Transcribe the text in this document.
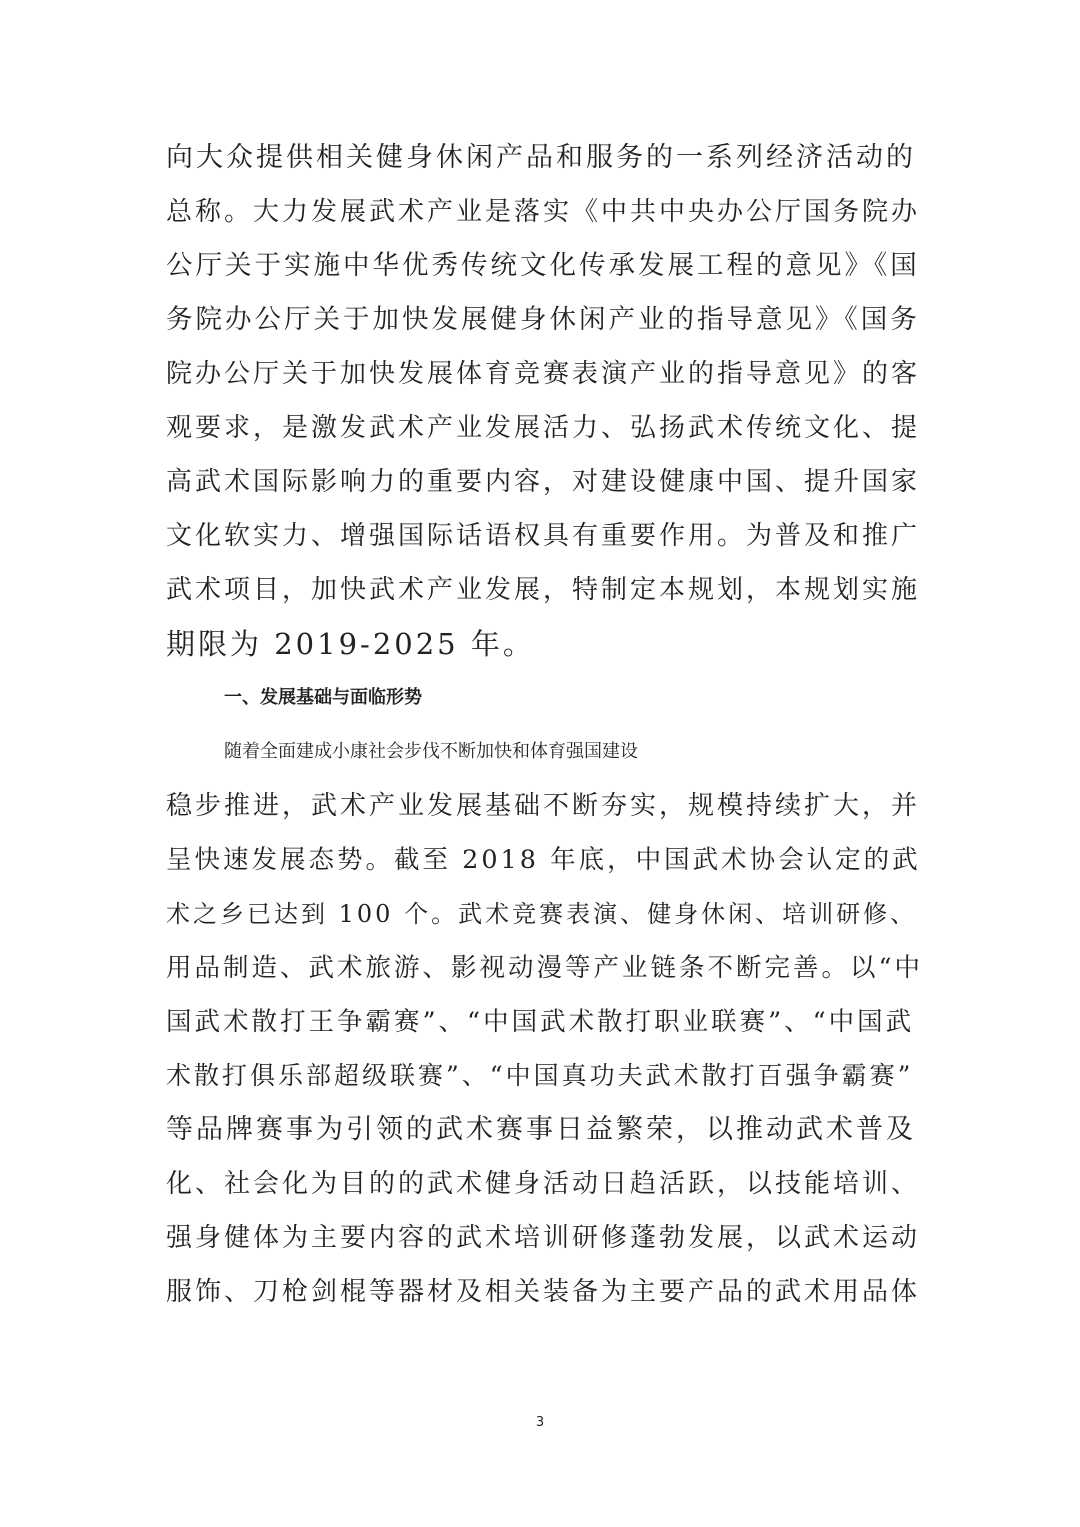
向大众提供相关健身休闲产品和服务的一系列经济活动的
总称。大力发展武术产业是落实《中共中央办公厅国务院办
公厅关于实施中华优秀传统文化传承发展工程的意见》《国
务院办公厅关于加快发展健身休闲产业的指导意见》《国务
院办公厅关于加快发展体育竞赛表演产业的指导意见》的客
观要求，是激发武术产业发展活力、弘扬武术传统文化、提
高武术国际影响力的重要内容，对建设健康中国、提升国家
文化软实力、增强国际话语权具有重要作用。为普及和推广
武术项目，加快武术产业发展，特制定本规划，本规划实施
期限为 2019-2025 年。
一、发展基础与面临形势
随着全面建成小康社会步伐不断加快和体育强国建设
稳步推进，武术产业发展基础不断夯实，规模持续扩大，并
呈快速发展态势。截至 2018 年底，中国武术协会认定的武
术之乡已达到 100 个。武术竞赛表演、健身休闲、培训研修、
用品制造、武术旅游、影视动漫等产业链条不断完善。以“中
国武术散打王争霸赛”、“中国武术散打职业联赛”、“中国武
术散打俱乐部超级联赛”、“中国真功夫武术散打百强争霸赛”
等品牌赛事为引领的武术赛事日益繁荣，以推动武术普及
化、社会化为目的的武术健身活动日趋活跃，以技能培训、
强身健体为主要内容的武术培训研修蓬勃发展，以武术运动
服饰、刀枪剑棍等器材及相关装备为主要产品的武术用品体
3
